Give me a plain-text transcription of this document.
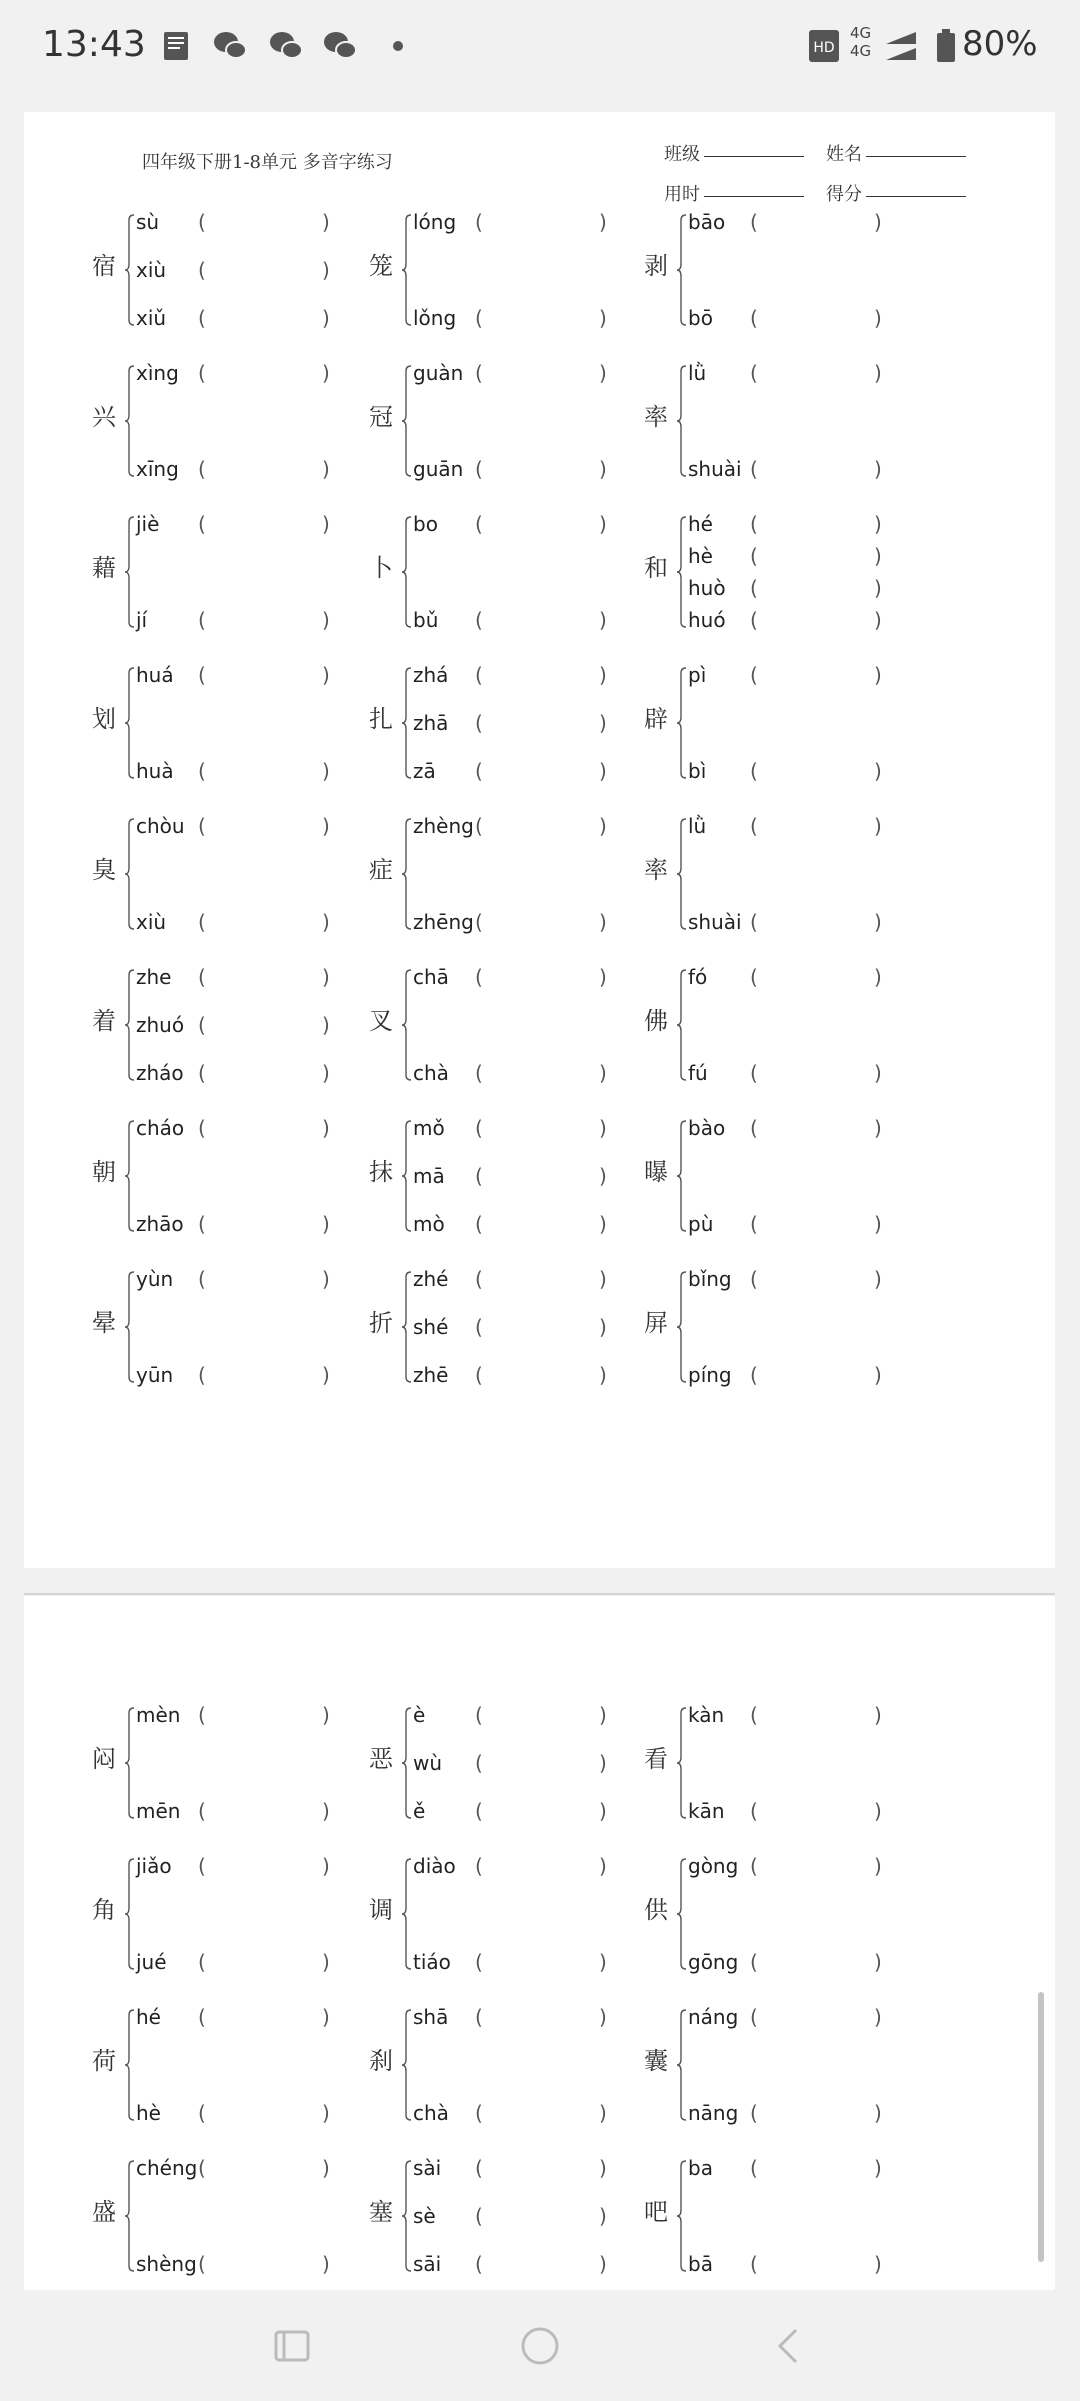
13:43	HD
4G
4G	80%
四年级下册1-8单元 多音字练习	班级	姓名
用时	得分
宿
sù (	)
xiù (	)
xiǔ (	)
笼
lóng (	)
lǒng (	)
剥
bāo (	)
bō (	)
兴
xìng (	)
xīng (	)
冠
guàn (	)
guān (	)
率
lǜ (	)
shuài (	)
藉
jiè (	)
jí	(	)
卜
bo (	)
bǔ (	)
和
hé (	)
hè (	)
huò (	)
huó (	)
划
huá (	)
huà (	)
扎
zhá (	)
zhā (	)
zā (	)
辟
pì (	)
bì (	)
臭
chòu (	)
xiù (	)
症
zhèng (	)
zhēng (	)
率
lǜ (	)
shuài (	)
着
zhe (	)
zhuó (	)
zháo (	)
叉
chā (	)
chà (	)
佛
fó (	)
fú (	)
朝
cháo (	)
zhāo (	)
抹
mǒ (	)
mā (	)
mò (	)
曝
bào (	)
pù (	)
晕
yùn (	)
yūn (	)
折
zhé (	)
shé (	)
zhē (	)
屏
bǐng (	)
píng (	)
闷
mèn (	)
mēn (	)
恶
è (	)
wù (	)
ě (	)
看
kàn (	)
kān (	)
角
jiǎo (	)
jué (	)
调
diào (	)
tiáo (	)
供
gòng (	)
gōng (	)
荷
hé (	)
hè (	)
刹
shā (	)
chà (	)
囊
náng (	)
nāng (	)
盛
chéng (	)
shèng (	)
塞
sài (	)
sè (	)
sāi (	)
吧
ba (	)
bā (	)
